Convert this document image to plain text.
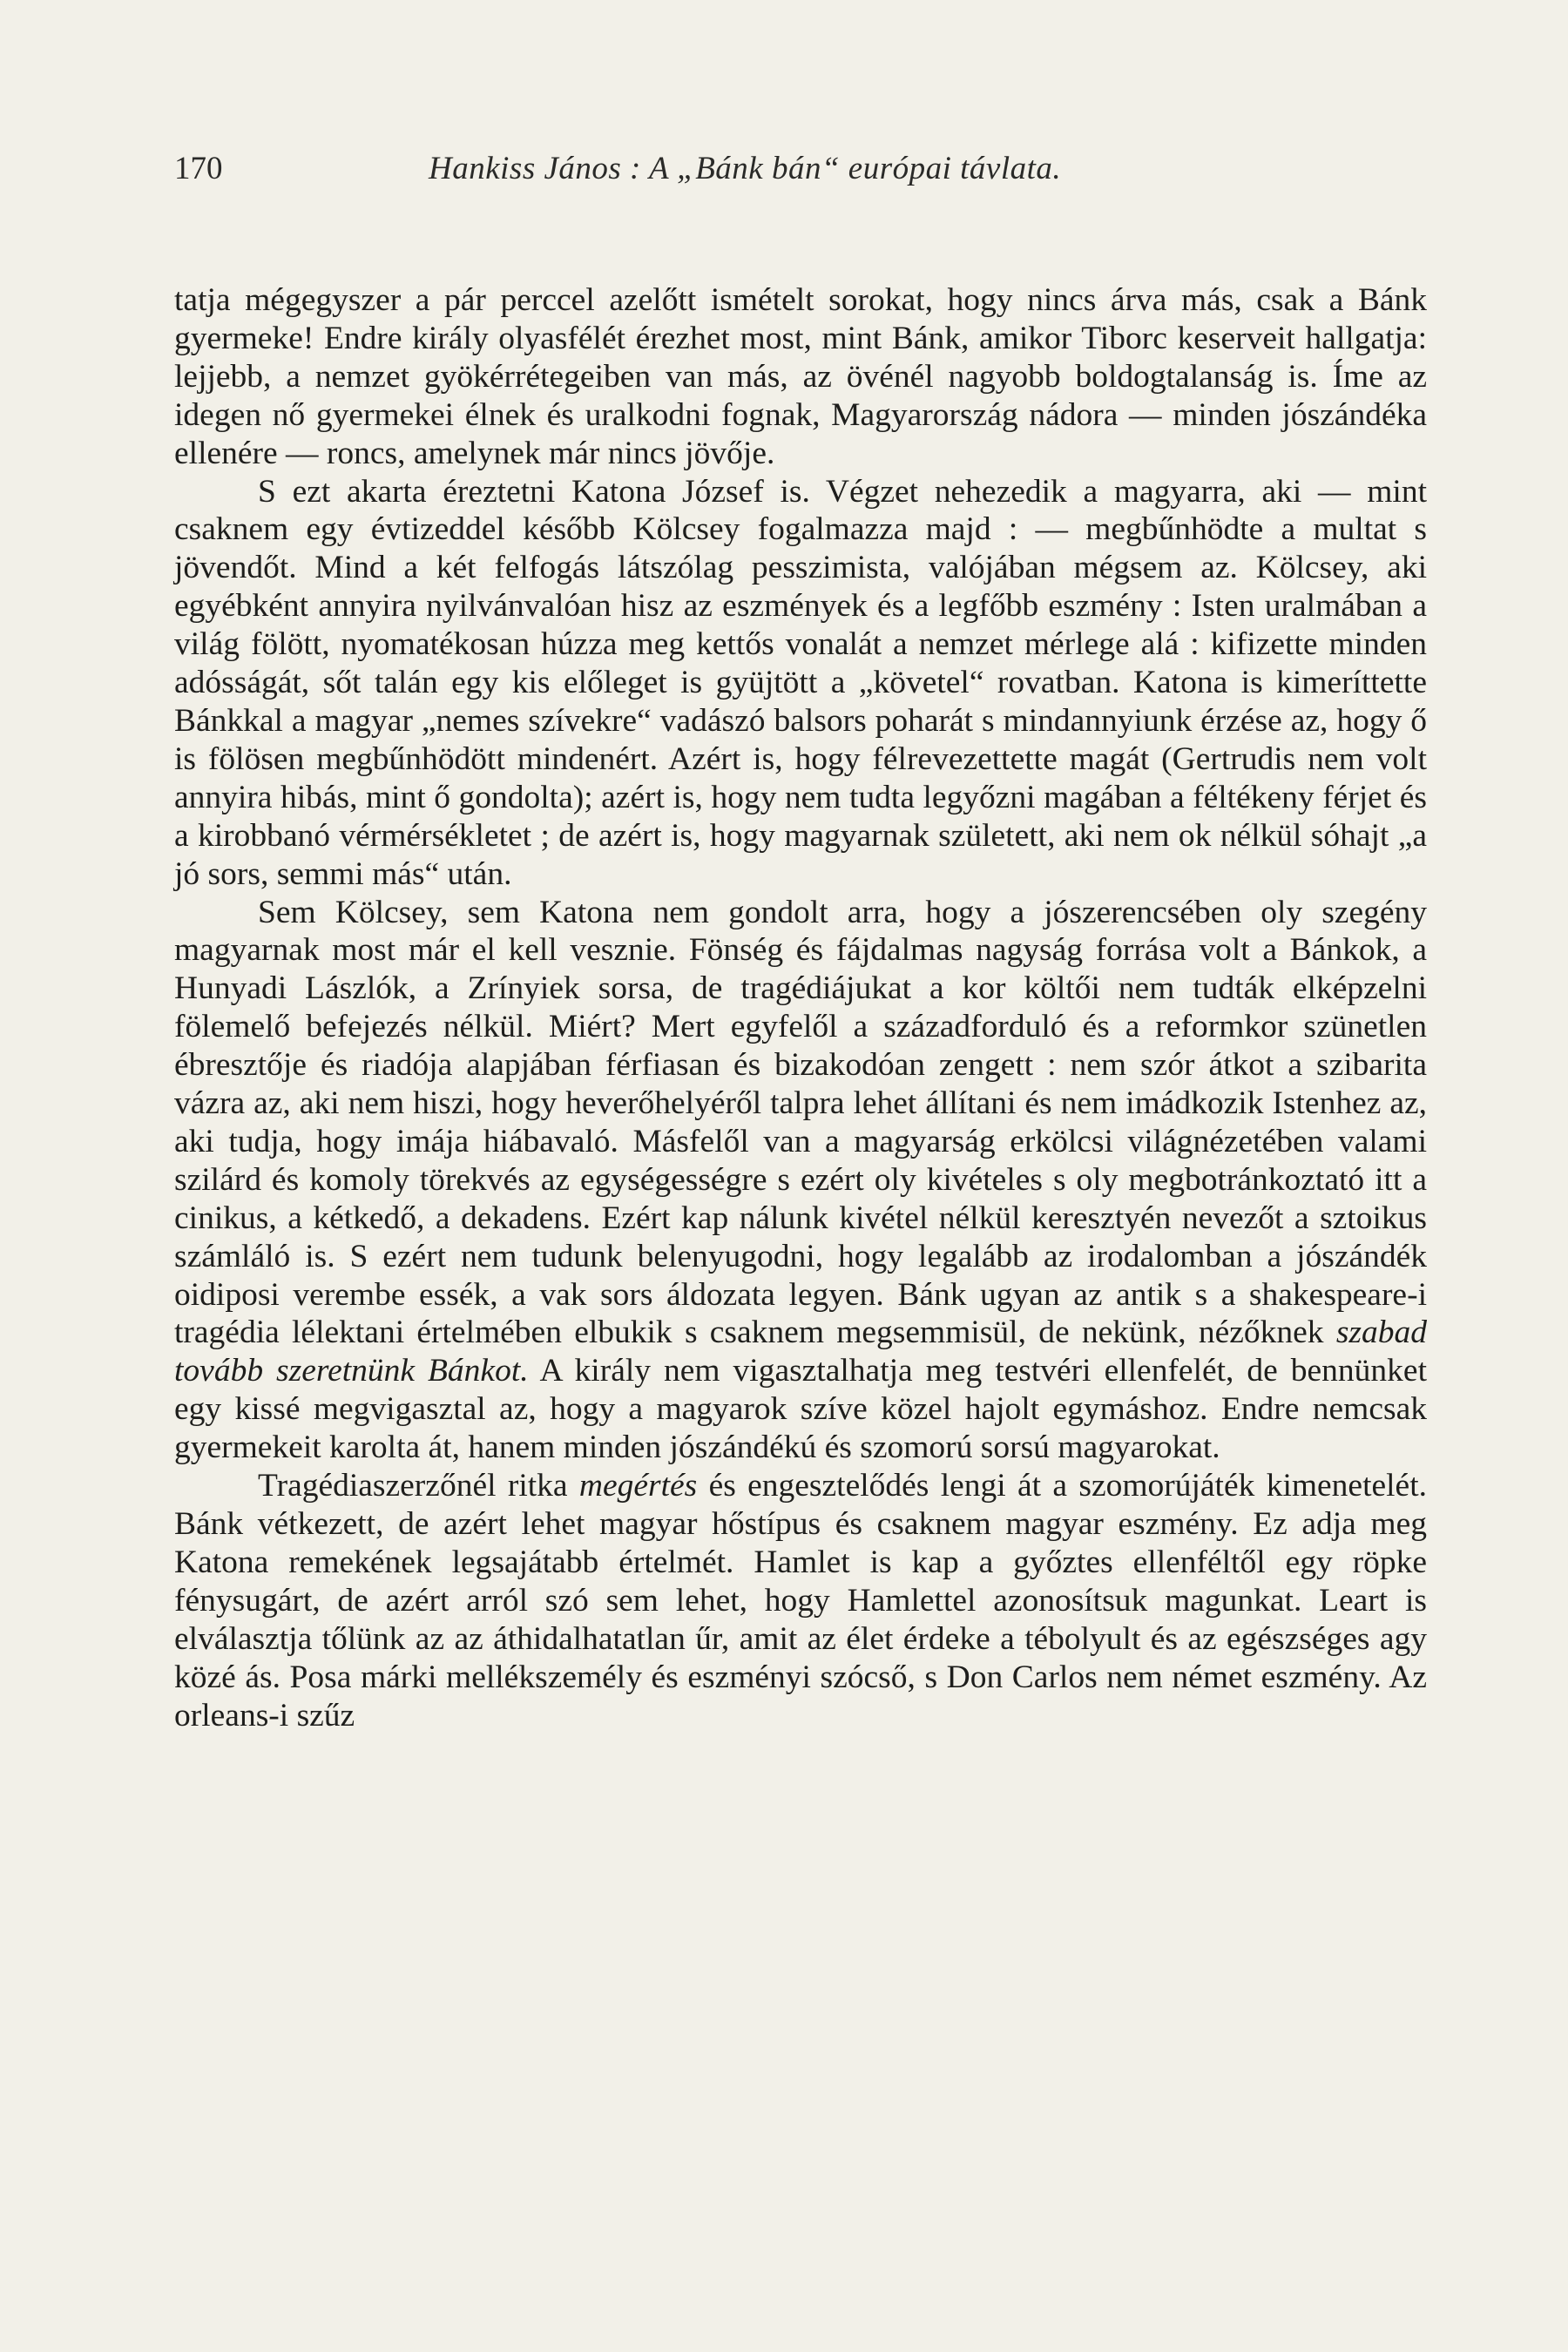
170	Hankiss János : A „Bánk bán“ európai távlata.

tatja mégegyszer a pár perccel azelőtt ismételt sorokat, hogy nincs árva más, csak a Bánk gyermeke! Endre király olyasfélét érezhet most, mint Bánk, amikor Tiborc keserveit hallgatja: lejjebb, a nemzet gyökérrétegeiben van más, az övénél nagyobb boldogtalanság is. Íme az idegen nő gyermekei élnek és uralkodni fognak, Magyarország nádora — minden jószándéka ellenére — roncs, amelynek már nincs jövője.

S ezt akarta éreztetni Katona József is. Végzet nehezedik a magyarra, aki — mint csaknem egy évtizeddel később Kölcsey fogalmazza majd : — megbűnhödte a multat s jövendőt. Mind a két felfogás látszólag pesszimista, valójában mégsem az. Kölcsey, aki egyébként annyira nyilvánvalóan hisz az eszmények és a legfőbb eszmény : Isten uralmában a világ fölött, nyomatékosan húzza meg kettős vonalát a nemzet mérlege alá : kifizette minden adósságát, sőt talán egy kis előleget is gyüjtött a „követel“ rovatban. Katona is kimeríttette Bánkkal a magyar „nemes szívekre“ vadászó balsors poharát s mindannyiunk érzése az, hogy ő is fölösen megbűnhödött mindenért. Azért is, hogy félrevezettette magát (Gertrudis nem volt annyira hibás, mint ő gondolta); azért is, hogy nem tudta legyőzni magában a féltékeny férjet és a kirobbanó vérmérsékletet ; de azért is, hogy magyarnak született, aki nem ok nélkül sóhajt „a jó sors, semmi más“ után.

Sem Kölcsey, sem Katona nem gondolt arra, hogy a jószerencsében oly szegény magyarnak most már el kell vesznie. Fönség és fájdalmas nagyság forrása volt a Bánkok, a Hunyadi Lászlók, a Zrínyiek sorsa, de tragédiájukat a kor költői nem tudták elképzelni fölemelő befejezés nélkül. Miért? Mert egyfelől a századforduló és a reformkor szünetlen ébresztője és riadója alapjában férfiasan és bizakodóan zengett : nem szór átkot a szibarita vázra az, aki nem hiszi, hogy heverőhelyéről talpra lehet állítani és nem imádkozik Istenhez az, aki tudja, hogy imája hiábavaló. Másfelől van a magyarság erkölcsi világnézetében valami szilárd és komoly törekvés az egységességre s ezért oly kivételes s oly megbotránkoztató itt a cinikus, a kétkedő, a dekadens. Ezért kap nálunk kivétel nélkül keresztyén nevezőt a sztoikus számláló is. S ezért nem tudunk belenyugodni, hogy legalább az irodalomban a jószándék oidiposi verembe essék, a vak sors áldozata legyen. Bánk ugyan az antik s a shakespeare-i tragédia lélektani értelmében elbukik s csaknem megsemmisül, de nekünk, nézőknek szabad tovább szeretnünk Bánkot. A király nem vigasztalhatja meg testvéri ellenfelét, de bennünket egy kissé megvigasztal az, hogy a magyarok szíve közel hajolt egymáshoz. Endre nemcsak gyermekeit karolta át, hanem minden jószándékú és szomorú sorsú magyarokat.

Tragédiaszerzőnél ritka megértés és engesztelődés lengi át a szomorújáték kimenetelét. Bánk vétkezett, de azért lehet magyar hőstípus és csaknem magyar eszmény. Ez adja meg Katona remekének legsajátabb értelmét. Hamlet is kap a győztes ellenféltől egy röpke fénysugárt, de azért arról szó sem lehet, hogy Hamlettel azonosítsuk magunkat. Leart is elválasztja tőlünk az az áthidalhatatlan űr, amit az élet érdeke a tébolyult és az egészséges agy közé ás. Posa márki mellékszemély és eszményi szócső, s Don Carlos nem német eszmény. Az orleans-i szűz
